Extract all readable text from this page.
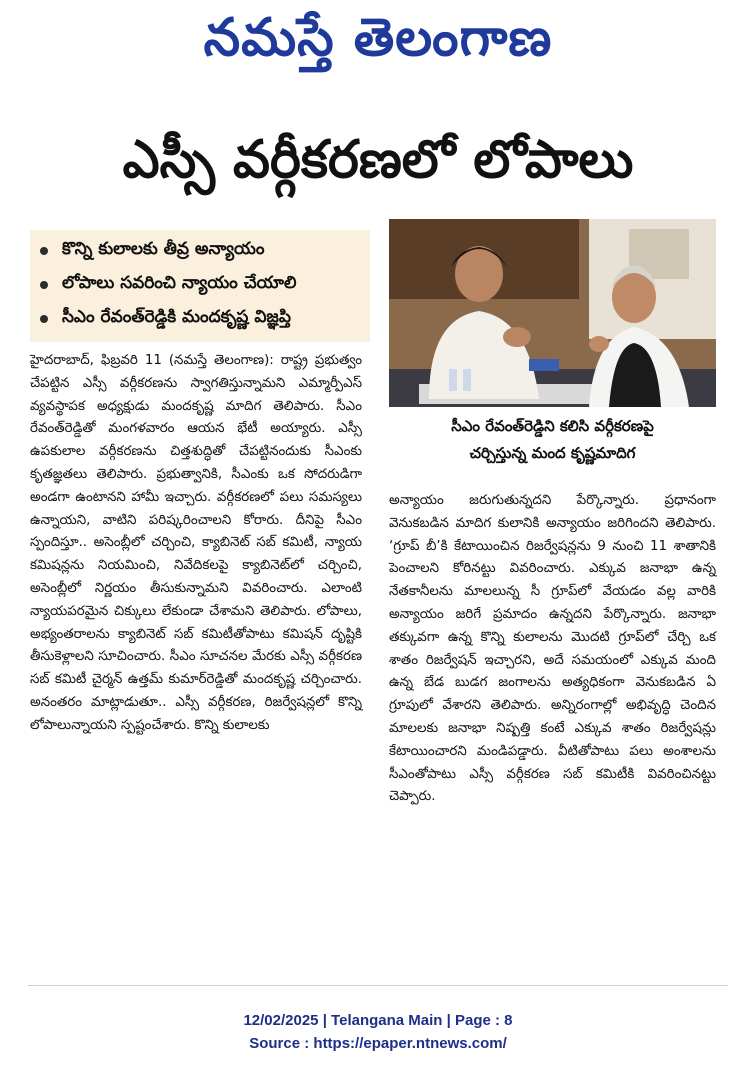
నమస్తే తెలంగాణ
ఎస్సీ వర్గీకరణలో లోపాలు
కొన్ని కులాలకు తీవ్ర అన్యాయం
లోపాలు సవరించి న్యాయం చేయాలి
సీఎం రేవంత్‌రెడ్డికి మందకృష్ణ విజ్ఞప్తి
సీఎం రేవంత్‌రెడ్డిని కలిసి వర్గీకరణపై
చర్చిస్తున్న మంద కృష్ణమాదిగ

హైదరాబాద్, ఫిబ్రవరి 11 (నమస్తే తెలంగాణ): రాష్ట్ర ప్రభుత్వం చేపట్టిన ఎస్సీ వర్గీకరణను స్వాగతిస్తున్నామని ఎమ్మార్పీఎస్ వ్యవస్థాపక అధ్యక్షుడు మందకృష్ణ మాదిగ తెలిపారు. సీఎం రేవంత్‌రెడ్డితో మంగళవారం ఆయన భేటీ అయ్యారు. ఎస్సీ ఉపకులాల వర్గీకరణను చిత్తశుద్ధితో చేపట్టినందుకు సీఎంకు కృతజ్ఞతలు తెలిపారు. ప్రభుత్వానికి, సీఎంకు ఒక సోదరుడిగా అండగా ఉంటానని హామీ ఇచ్చారు. వర్గీకరణలో పలు సమస్యలు ఉన్నాయని, వాటిని పరిష్కరించాలని కోరారు. దీనిపై సీఎం స్పందిస్తూ.. అసెంబ్లీలో చర్చించి, క్యాబినెట్ సబ్ కమిటీ, న్యాయ కమిషన్లను నియమించి, నివేదికలపై క్యాబినెట్‌లో చర్చించి, అసెంబ్లీలో నిర్ణయం తీసుకున్నామని వివరించారు. ఎలాంటి న్యాయపరమైన చిక్కులు లేకుండా చేశామని తెలిపారు. లోపాలు, అభ్యంతరాలను క్యాబినెట్ సబ్ కమిటీతోపాటు కమిషన్ దృష్టికి తీసుకెళ్లాలని సూచించారు. సీఎం సూచనల మేరకు ఎస్సీ వర్గీకరణ సబ్ కమిటీ చైర్మన్ ఉత్తమ్ కుమార్‌రెడ్డితో మందకృష్ణ చర్చించారు. అనంతరం మాట్లాడుతూ.. ఎస్సీ వర్గీకరణ, రిజర్వేషన్లలో కొన్ని లోపాలున్నాయని స్పష్టంచేశారు. కొన్ని కులాలకు

అన్యాయం జరుగుతున్నదని పేర్కొన్నారు. ప్రధానంగా వెనుకబడిన మాదిగ కులానికి అన్యాయం జరిగిందని తెలిపారు. ‘గ్రూప్ బీ’కి కేటాయించిన రిజర్వేషన్లను 9 నుంచి 11 శాతానికి పెంచాలని కోరినట్టు వివరించారు. ఎక్కువ జనాభా ఉన్న నేతకానీలను మాలలున్న సీ గ్రూప్‌లో వేయడం వల్ల వారికి అన్యాయం జరిగే ప్రమాదం ఉన్నదని పేర్కొన్నారు. జనాభా తక్కువగా ఉన్న కొన్ని కులాలను మొదటి గ్రూప్‌లో చేర్చి ఒక శాతం రిజర్వేషన్ ఇచ్చారని, అదే సమయంలో ఎక్కువ మంది ఉన్న బేడ బుడగ జంగాలను అత్యధికంగా వెనుకబడిన ఏ గ్రూపులో వేశారని తెలిపారు. అన్నిరంగాల్లో అభివృద్ధి చెందిన మాలలకు జనాభా నిష్పత్తి కంటే ఎక్కువ శాతం రిజర్వేషన్లు కేటాయించారని మండిపడ్డారు. వీటితోపాటు పలు అంశాలను సీఎంతోపాటు ఎస్సీ వర్గీకరణ సబ్ కమిటీకి వివరించినట్టు చెప్పారు.

12/02/2025 | Telangana Main | Page : 8
Source : https://epaper.ntnews.com/
